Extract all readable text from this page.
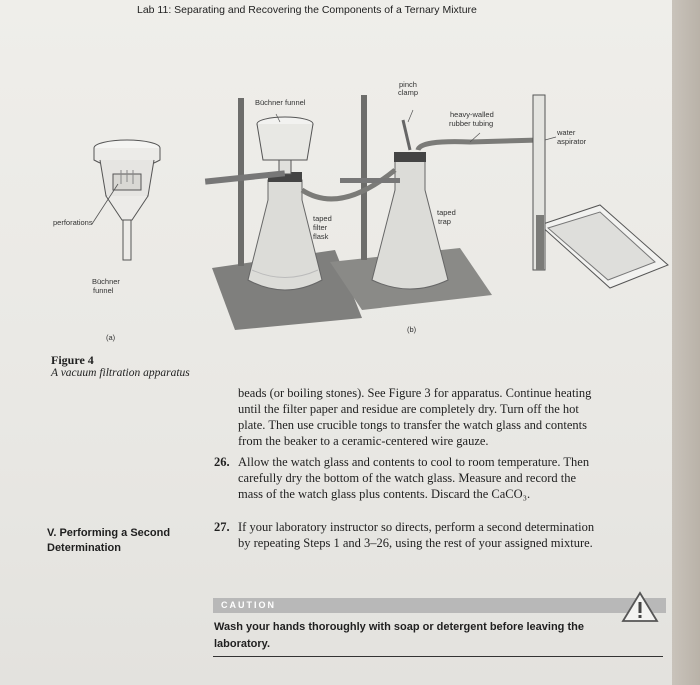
Lab 11: Separating and Recovering the Components of a Ternary Mixture
Büchner funnel
pinch
clamp
heavy-walled
rubber tubing
water
aspirator
perforations	taped
filter
flask
taped
trap
Büchner
funnel
(a)
(b)
Figure 4
A vacuum filtration apparatus
beads (or boiling stones). See Figure 3 for apparatus. Continue heating
until the filter paper and residue are completely dry. Turn off the hot
plate. Then use crucible tongs to transfer the watch glass and contents
from the beaker to a ceramic-centered wire gauze.
26. Allow the watch glass and contents to cool to room temperature. Then
carefully dry the bottom of the watch glass. Measure and record the
mass of the watch glass plus contents. Discard the CaCO₃.
V. Performing a Second
Determination
27. If your laboratory instructor so directs, perform a second determination
by repeating Steps 1 and 3–26, using the rest of your assigned mixture.
CAUTION
Wash your hands thoroughly with soap or detergent before leaving the
laboratory.
